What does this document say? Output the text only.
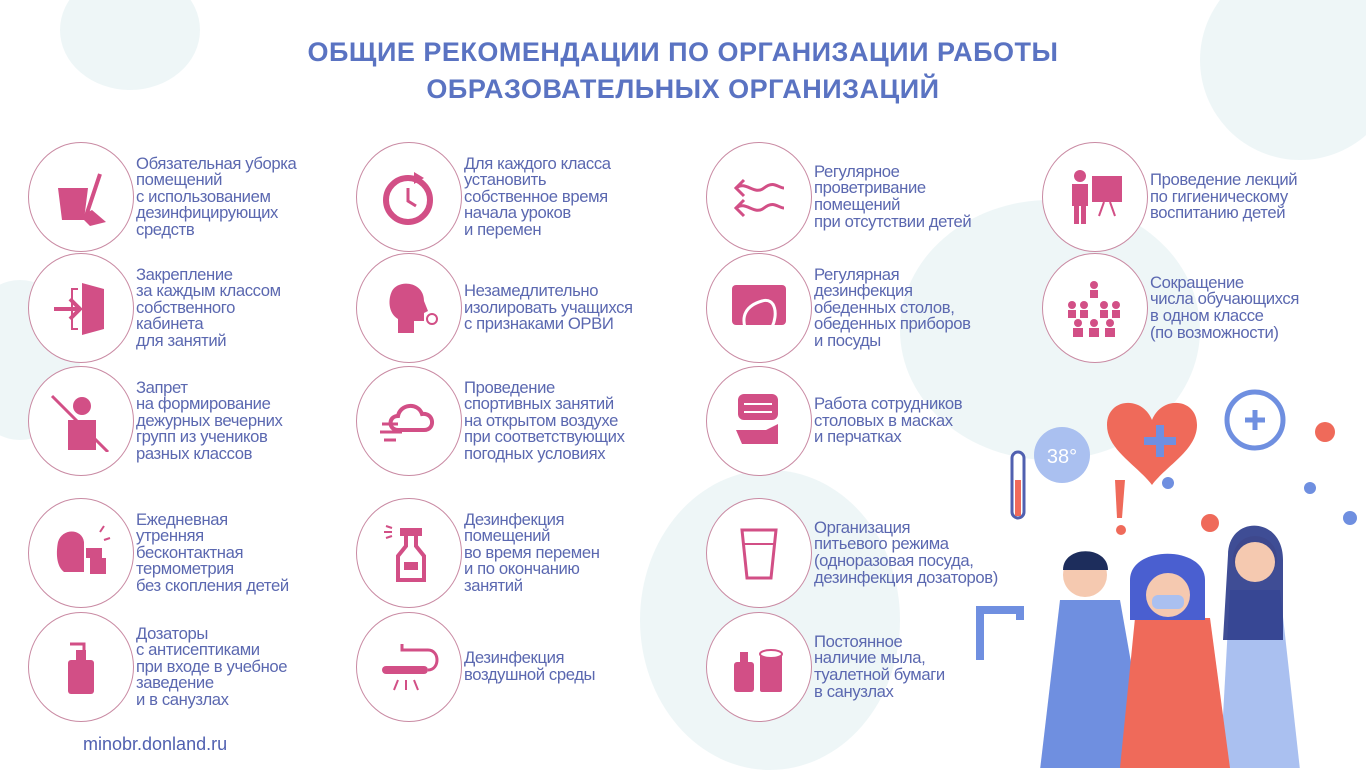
ОБЩИЕ РЕКОМЕНДАЦИИ ПО ОРГАНИЗАЦИИ РАБОТЫ
ОБРАЗОВАТЕЛЬНЫХ ОРГАНИЗАЦИЙ
Обязательная уборка
помещений
с использованием
дезинфицирующих
средств
Для каждого класса
установить
собственное время
начала уроков
и перемен
Регулярное
проветривание
помещений
при отсутствии детей
Проведение лекций
по гигиеническому
воспитанию детей
Закрепление
за каждым классом
собственного
кабинета
для занятий
Незамедлительно
изолировать учащихся
с признаками ОРВИ
Регулярная
дезинфекция
обеденных столов,
обеденных приборов
и посуды
Сокращение
числа обучающихся
в одном классе
(по возможности)
Запрет
на формирование
дежурных вечерних
групп из учеников
разных классов
Проведение
спортивных занятий
на открытом воздухе
при соответствующих
погодных условиях
Работа сотрудников
столовых в масках
и перчатках
Ежедневная
утренняя
бесконтактная
термометрия
без скопления детей
Дезинфекция
помещений
во время перемен
и по окончанию
занятий
Организация
питьевого режима
(одноразовая посуда,
дезинфекция дозаторов)
Дозаторы
с антисептиками
при входе в учебное
заведение
и в санузлах
Дезинфекция
воздушной среды
Постоянное
наличие мыла,
туалетной бумаги
в санузлах
minobr.donland.ru
38°
